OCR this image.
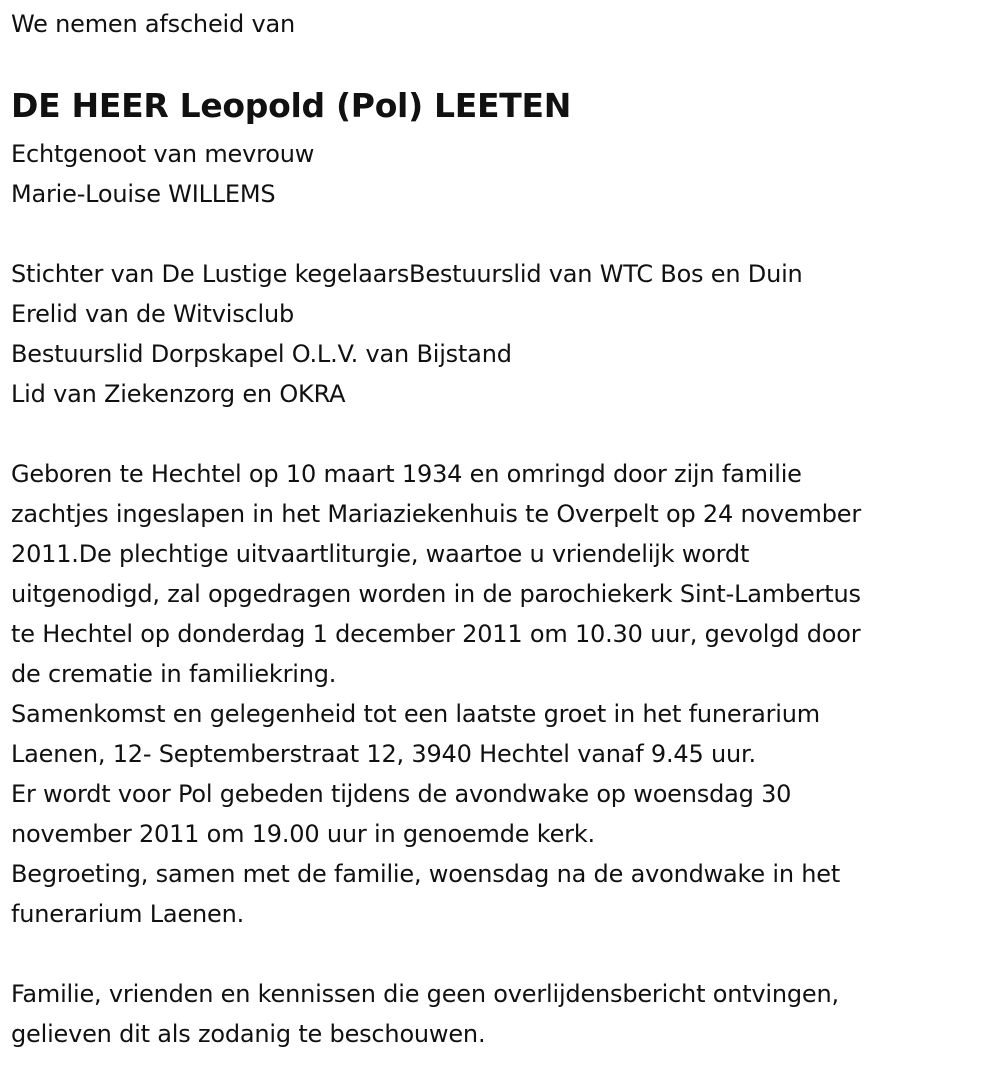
We nemen afscheid van
DE HEER Leopold (Pol) LEETEN
Echtgenoot van mevrouw
Marie-Louise WILLEMS
Stichter van De Lustige kegelaarsBestuurslid van WTC Bos en Duin
Erelid van de Witvisclub
Bestuurslid Dorpskapel O.L.V. van Bijstand
Lid van Ziekenzorg en OKRA
Geboren te Hechtel op 10 maart 1934 en omringd door zijn familie
zachtjes ingeslapen in het Mariaziekenhuis te Overpelt op 24 november
2011.De plechtige uitvaartliturgie, waartoe u vriendelijk wordt
uitgenodigd, zal opgedragen worden in de parochiekerk Sint-Lambertus
te Hechtel op donderdag 1 december 2011 om 10.30 uur, gevolgd door
de crematie in familiekring.
Samenkomst en gelegenheid tot een laatste groet in het funerarium
Laenen, 12- Septemberstraat 12, 3940 Hechtel vanaf 9.45 uur.
Er wordt voor Pol gebeden tijdens de avondwake op woensdag 30
november 2011 om 19.00 uur in genoemde kerk.
Begroeting, samen met de familie, woensdag na de avondwake in het
funerarium Laenen.
Familie, vrienden en kennissen die geen overlijdensbericht ontvingen,
gelieven dit als zodanig te beschouwen.
